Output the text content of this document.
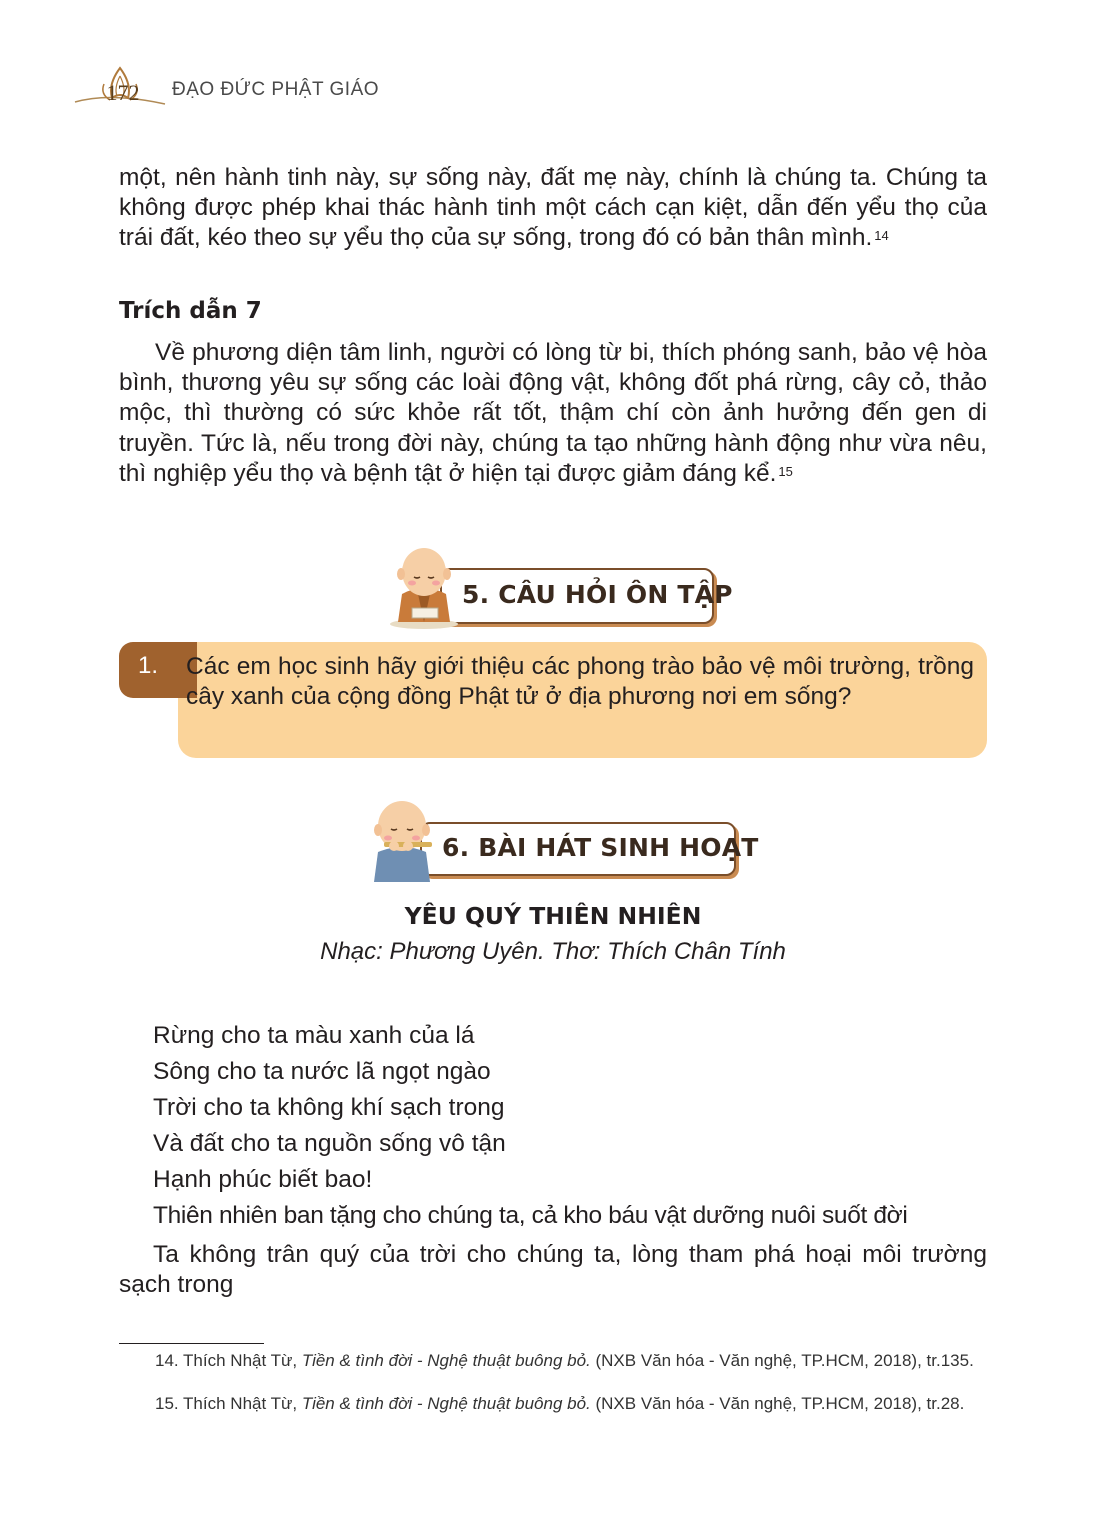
172	ĐẠO ĐỨC PHẬT GIÁO
một, nên hành tinh này, sự sống này, đất mẹ này, chính là chúng ta. Chúng ta không được phép khai thác hành tinh một cách cạn kiệt, dẫn đến yểu thọ của trái đất, kéo theo sự yểu thọ của sự sống, trong đó có bản thân mình. $^{14}$
Trích dẫn 7
Về phương diện tâm linh, người có lòng từ bi, thích phóng sanh, bảo vệ hòa bình, thương yêu sự sống các loài động vật, không đốt phá rừng, cây cỏ, thảo mộc, thì thường có sức khỏe rất tốt, thậm chí còn ảnh hưởng đến gen di truyền. Tức là, nếu trong đời này, chúng ta tạo những hành động như vừa nêu, thì nghiệp yểu thọ và bệnh tật ở hiện tại được giảm đáng kể. $^{15}$
5. CÂU HỎI ÔN TẬP
1. Các em học sinh hãy giới thiệu các phong trào bảo vệ môi trường, trồng cây xanh của cộng đồng Phật tử ở địa phương nơi em sống?
6. BÀI HÁT SINH HOẠT
YÊU QUÝ THIÊN NHIÊN
Nhạc: Phương Uyên. Thơ: Thích Chân Tính
Rừng cho ta màu xanh của lá
Sông cho ta nước lã ngọt ngào
Trời cho ta không khí sạch trong
Và đất cho ta nguồn sống vô tận
Hạnh phúc biết bao!
Thiên nhiên ban tặng cho chúng ta, cả kho báu vật dưỡng nuôi suốt đời
Ta không trân quý của trời cho chúng ta, lòng tham phá hoại môi trường sạch trong
14. Thích Nhật Từ, Tiền & tình đời - Nghệ thuật buông bỏ. (NXB Văn hóa - Văn nghệ, TP.HCM, 2018), tr.135.
15. Thích Nhật Từ, Tiền & tình đời - Nghệ thuật buông bỏ. (NXB Văn hóa - Văn nghệ, TP.HCM, 2018), tr.28.
